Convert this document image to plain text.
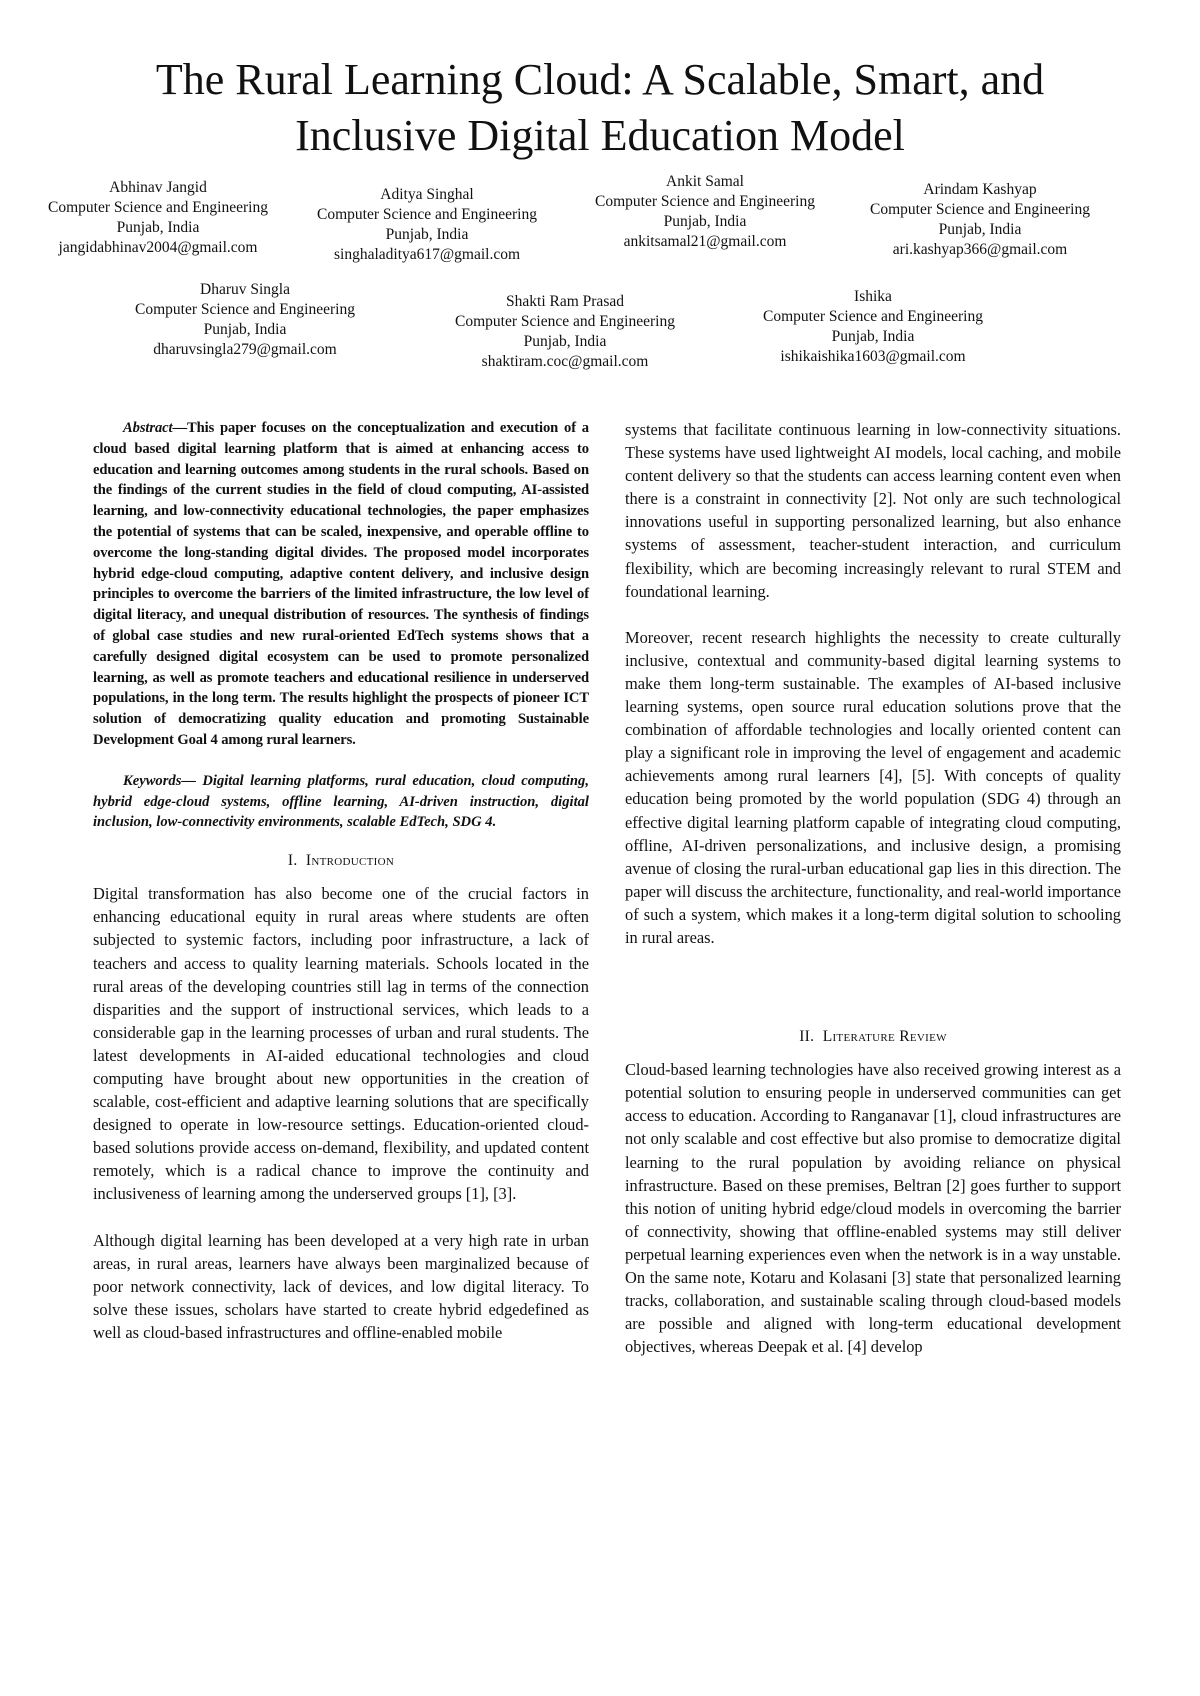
The Rural Learning Cloud: A Scalable, Smart, and
Inclusive Digital Education Model
Abhinav Jangid
Computer Science and Engineering
Punjab, India
jangidabhinav2004@gmail.com
Aditya Singhal
Computer Science and Engineering
Punjab, India
singhaladitya617@gmail.com
Ankit Samal
Computer Science and Engineering
Punjab, India
ankitsamal21@gmail.com
Arindam Kashyap
Computer Science and Engineering
Punjab, India
ari.kashyap366@gmail.com
Dharuv Singla
Computer Science and Engineering
Punjab, India
dharuvsingla279@gmail.com
Shakti Ram Prasad
Computer Science and Engineering
Punjab, India
shaktiram.coc@gmail.com
Ishika
Computer Science and Engineering
Punjab, India
ishikaishika1603@gmail.com

Abstract—This paper focuses on the conceptualization and execution of a cloud based digital learning platform that is aimed at enhancing access to education and learning outcomes among students in the rural schools. Based on the findings of the current studies in the field of cloud computing, AI-assisted learning, and low-connectivity educational technologies, the paper emphasizes the potential of systems that can be scaled, inexpensive, and operable offline to overcome the long-standing digital divides. The proposed model incorporates hybrid edge-cloud computing, adaptive content delivery, and inclusive design principles to overcome the barriers of the limited infrastructure, the low level of digital literacy, and unequal distribution of resources. The synthesis of findings of global case studies and new rural-oriented EdTech systems shows that a carefully designed digital ecosystem can be used to promote personalized learning, as well as promote teachers and educational resilience in underserved populations, in the long term. The results highlight the prospects of pioneer ICT solution of democratizing quality education and promoting Sustainable Development Goal 4 among rural learners.

Keywords— Digital learning platforms, rural education, cloud computing, hybrid edge-cloud systems, offline learning, AI-driven instruction, digital inclusion, low-connectivity environments, scalable EdTech, SDG 4.

I. Introduction

Digital transformation has also become one of the crucial factors in enhancing educational equity in rural areas where students are often subjected to systemic factors, including poor infrastructure, a lack of teachers and access to quality learning materials. Schools located in the rural areas of the developing countries still lag in terms of the connection disparities and the support of instructional services, which leads to a considerable gap in the learning processes of urban and rural students. The latest developments in AI-aided educational technologies and cloud computing have brought about new opportunities in the creation of scalable, cost-efficient and adaptive learning solutions that are specifically designed to operate in low-resource settings. Education-oriented cloud-based solutions provide access on-demand, flexibility, and updated content remotely, which is a radical chance to improve the continuity and inclusiveness of learning among the underserved groups [1], [3].

Although digital learning has been developed at a very high rate in urban areas, in rural areas, learners have always been marginalized because of poor network connectivity, lack of devices, and low digital literacy. To solve these issues, scholars have started to create hybrid edgedefined as well as cloud-based infrastructures and offline-enabled mobile

systems that facilitate continuous learning in low-connectivity situations. These systems have used lightweight AI models, local caching, and mobile content delivery so that the students can access learning content even when there is a constraint in connectivity [2]. Not only are such technological innovations useful in supporting personalized learning, but also enhance systems of assessment, teacher-student interaction, and curriculum flexibility, which are becoming increasingly relevant to rural STEM and foundational learning.

Moreover, recent research highlights the necessity to create culturally inclusive, contextual and community-based digital learning systems to make them long-term sustainable. The examples of AI-based inclusive learning systems, open source rural education solutions prove that the combination of affordable technologies and locally oriented content can play a significant role in improving the level of engagement and academic achievements among rural learners [4], [5]. With concepts of quality education being promoted by the world population (SDG 4) through an effective digital learning platform capable of integrating cloud computing, offline, AI-driven personalizations, and inclusive design, a promising avenue of closing the rural-urban educational gap lies in this direction. The paper will discuss the architecture, functionality, and real-world importance of such a system, which makes it a long-term digital solution to schooling in rural areas.

II. Literature Review

Cloud-based learning technologies have also received growing interest as a potential solution to ensuring people in underserved communities can get access to education. According to Ranganavar [1], cloud infrastructures are not only scalable and cost effective but also promise to democratize digital learning to the rural population by avoiding reliance on physical infrastructure. Based on these premises, Beltran [2] goes further to support this notion of uniting hybrid edge/cloud models in overcoming the barrier of connectivity, showing that offline-enabled systems may still deliver perpetual learning experiences even when the network is in a way unstable. On the same note, Kotaru and Kolasani [3] state that personalized learning tracks, collaboration, and sustainable scaling through cloud-based models are possible and aligned with long-term educational development objectives, whereas Deepak et al. [4] develop
